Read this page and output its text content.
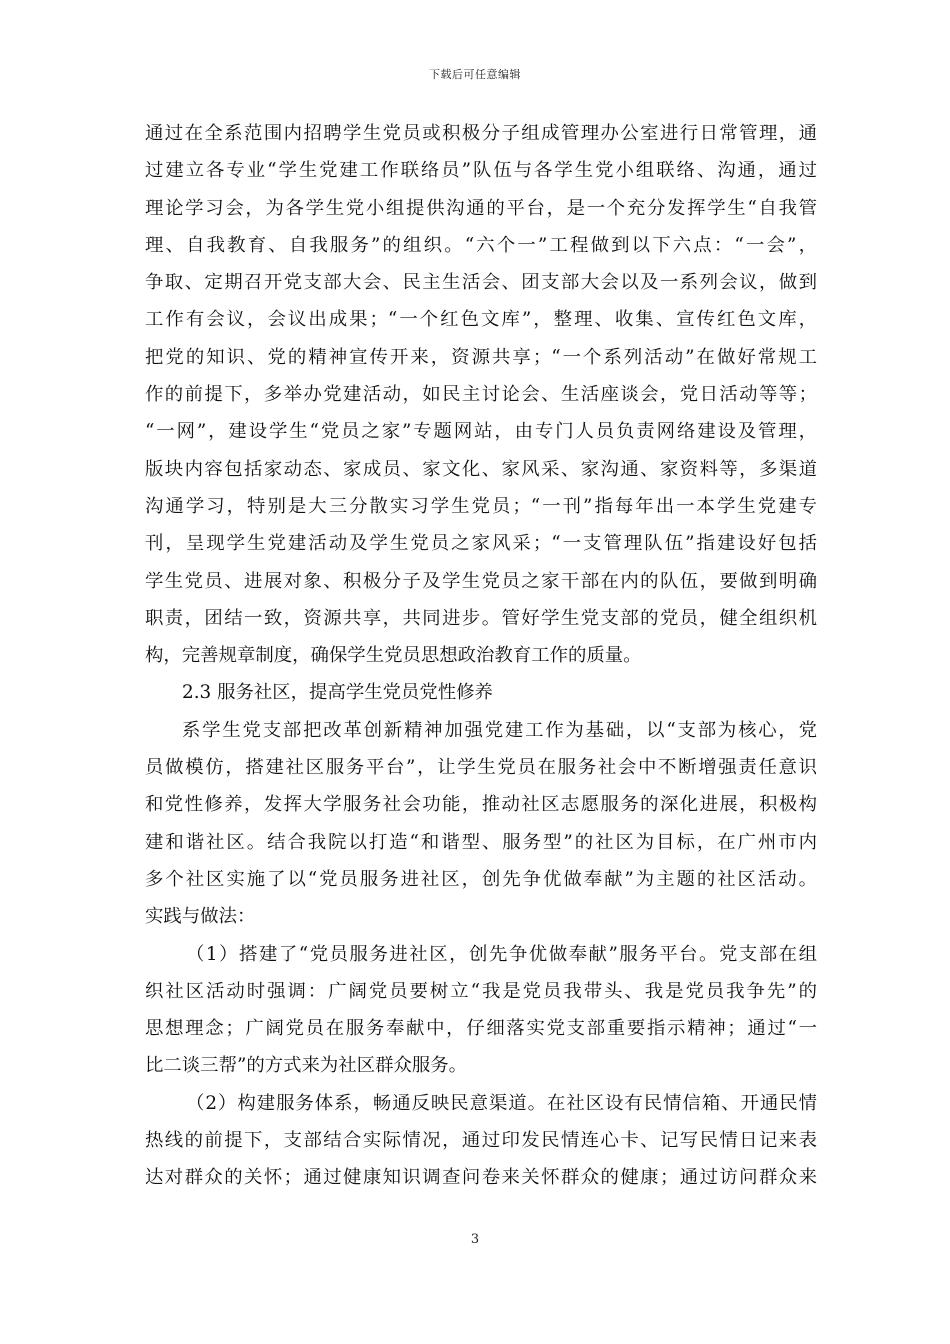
下载后可任意编辑
通过在全系范围内招聘学生党员或积极分子组成管理办公室进行日常管理，通
过建立各专业“学生党建工作联络员”队伍与各学生党小组联络、沟通，通过
理论学习会，为各学生党小组提供沟通的平台，是一个充分发挥学生“自我管
理、自我教育、自我服务”的组织。“六个一”工程做到以下六点：“一会”，
争取、定期召开党支部大会、民主生活会、团支部大会以及一系列会议，做到
工作有会议，会议出成果；“一个红色文库”，整理、收集、宣传红色文库，
把党的知识、党的精神宣传开来，资源共享；“一个系列活动”在做好常规工
作的前提下，多举办党建活动，如民主讨论会、生活座谈会，党日活动等等；
“一网”，建设学生“党员之家”专题网站，由专门人员负责网络建设及管理，
版块内容包括家动态、家成员、家文化、家风采、家沟通、家资料等，多渠道
沟通学习，特别是大三分散实习学生党员；“一刊”指每年出一本学生党建专
刊，呈现学生党建活动及学生党员之家风采；“一支管理队伍”指建设好包括
学生党员、进展对象、积极分子及学生党员之家干部在内的队伍，要做到明确
职责，团结一致，资源共享，共同进步。管好学生党支部的党员，健全组织机
构，完善规章制度，确保学生党员思想政治教育工作的质量。
2.3 服务社区，提高学生党员党性修养
系学生党支部把改革创新精神加强党建工作为基础，以“支部为核心，党
员做模仿，搭建社区服务平台”，让学生党员在服务社会中不断增强责任意识
和党性修养，发挥大学服务社会功能，推动社区志愿服务的深化进展，积极构
建和谐社区。结合我院以打造“和谐型、服务型”的社区为目标，在广州市内
多个社区实施了以“党员服务进社区，创先争优做奉献”为主题的社区活动。
实践与做法：
（1）搭建了“党员服务进社区，创先争优做奉献”服务平台。党支部在组
织社区活动时强调：广阔党员要树立“我是党员我带头、我是党员我争先”的
思想理念；广阔党员在服务奉献中，仔细落实党支部重要指示精神；通过“一
比二谈三帮”的方式来为社区群众服务。
（2）构建服务体系，畅通反映民意渠道。在社区设有民情信箱、开通民情
热线的前提下，支部结合实际情况，通过印发民情连心卡、记写民情日记来表
达对群众的关怀；通过健康知识调查问卷来关怀群众的健康；通过访问群众来
3
